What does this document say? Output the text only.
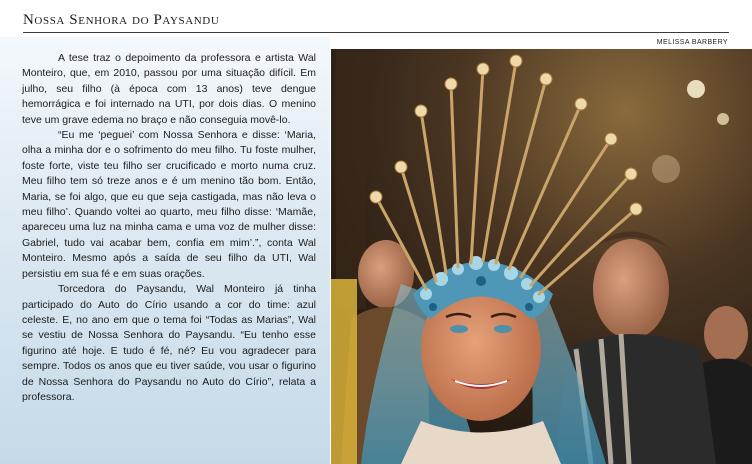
Nossa Senhora do Paysandu
MELISSA BARBERY

A tese traz o depoimento da professora e artista Wal Monteiro, que, em 2010, passou por uma situação difícil. Em julho, seu filho (à época com 13 anos) teve dengue hemorrágica e foi internado na UTI, por dois dias. O menino teve um grave edema no braço e não conseguia movê-lo.

“Eu me ‘peguei’ com Nossa Senhora e disse: ‘Maria, olha a minha dor e o sofrimento do meu filho. Tu foste mulher, foste forte, viste teu filho ser crucificado e morto numa cruz. Meu filho tem só treze anos e é um menino tão bom. Então, Maria, se foi algo, que eu que seja castigada, mas não leva o meu filho’. Quando voltei ao quarto, meu filho disse: ‘Mamãe, apareceu uma luz na minha cama e uma voz de mulher disse: Gabriel, tudo vai acabar bem, confia em mim’.”, conta Wal Monteiro. Mesmo após a saída de seu filho da UTI, Wal persistiu em sua fé e em suas orações.

Torcedora do Paysandu, Wal Monteiro já tinha participado do Auto do Círio usando a cor do time: azul celeste. E, no ano em que o tema foi “Todas as Marias”, Wal se vestiu de Nossa Senhora do Paysandu. “Eu tenho esse figurino até hoje. E tudo é fé, né? Eu vou agradecer para sempre. Todos os anos que eu tiver saúde, vou usar o figurino de Nossa Senhora do Paysandu no Auto do Círio”, relata a professora.
